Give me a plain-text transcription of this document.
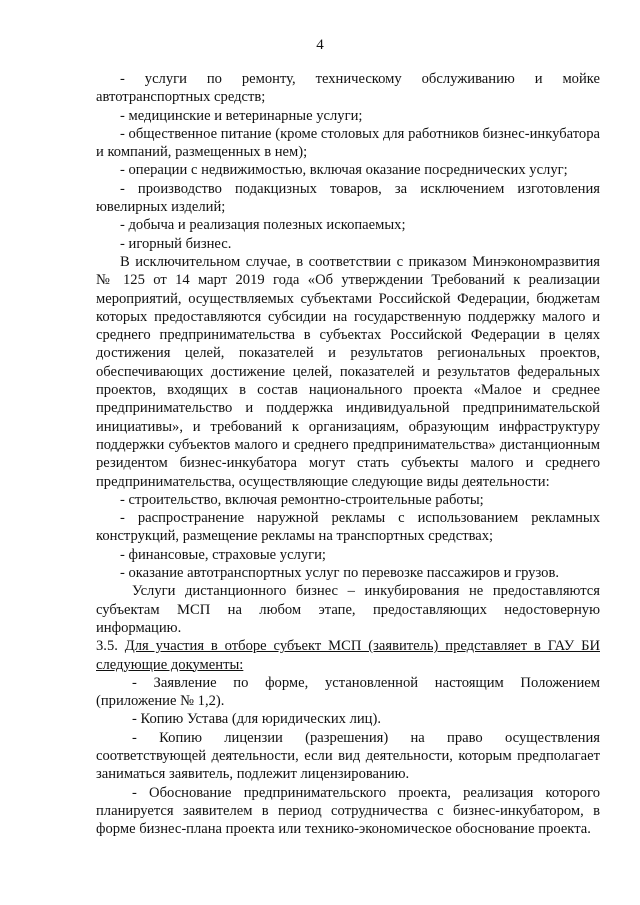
4

- услуги по ремонту, техническому обслуживанию и мойке автотранспортных средств;

- медицинские и ветеринарные услуги;

- общественное питание (кроме столовых для работников бизнес-инкубатора и компаний, размещенных в нем);

- операции с недвижимостью, включая оказание посреднических услуг;

- производство подакцизных товаров, за исключением изготовления ювелирных изделий;

- добыча и реализация полезных ископаемых;

- игорный бизнес.

В исключительном случае, в соответствии с приказом Минэкономразвития № 125 от 14 март 2019 года «Об утверждении Требований к реализации мероприятий, осуществляемых субъектами Российской Федерации, бюджетам которых предоставляются субсидии на государственную поддержку малого и среднего предпринимательства в субъектах Российской Федерации в целях достижения целей, показателей и результатов региональных проектов, обеспечивающих достижение целей, показателей и результатов федеральных проектов, входящих в состав национального проекта «Малое и среднее предпринимательство и поддержка индивидуальной предпринимательской инициативы», и требований к организациям, образующим инфраструктуру поддержки субъектов малого и среднего предпринимательства» дистанционным резидентом бизнес-инкубатора могут стать субъекты малого и среднего предпринимательства, осуществляющие следующие виды деятельности:

- строительство, включая ремонтно-строительные работы;

- распространение наружной рекламы с использованием рекламных конструкций, размещение рекламы на транспортных средствах;

- финансовые, страховые услуги;

- оказание автотранспортных услуг по перевозке пассажиров и грузов.

Услуги дистанционного бизнес – инкубирования не предоставляются субъектам МСП на любом этапе, предоставляющих недостоверную информацию.

3.5. Для участия в отборе субъект МСП (заявитель) представляет в ГАУ БИ следующие документы:

- Заявление по форме, установленной настоящим Положением (приложение № 1,2).

- Копию Устава (для юридических лиц).

- Копию лицензии (разрешения) на право осуществления соответствующей деятельности, если вид деятельности, которым предполагает заниматься заявитель, подлежит лицензированию.

- Обоснование предпринимательского проекта, реализация которого планируется заявителем в период сотрудничества с бизнес-инкубатором, в форме бизнес-плана проекта или технико-экономическое обоснование проекта.
